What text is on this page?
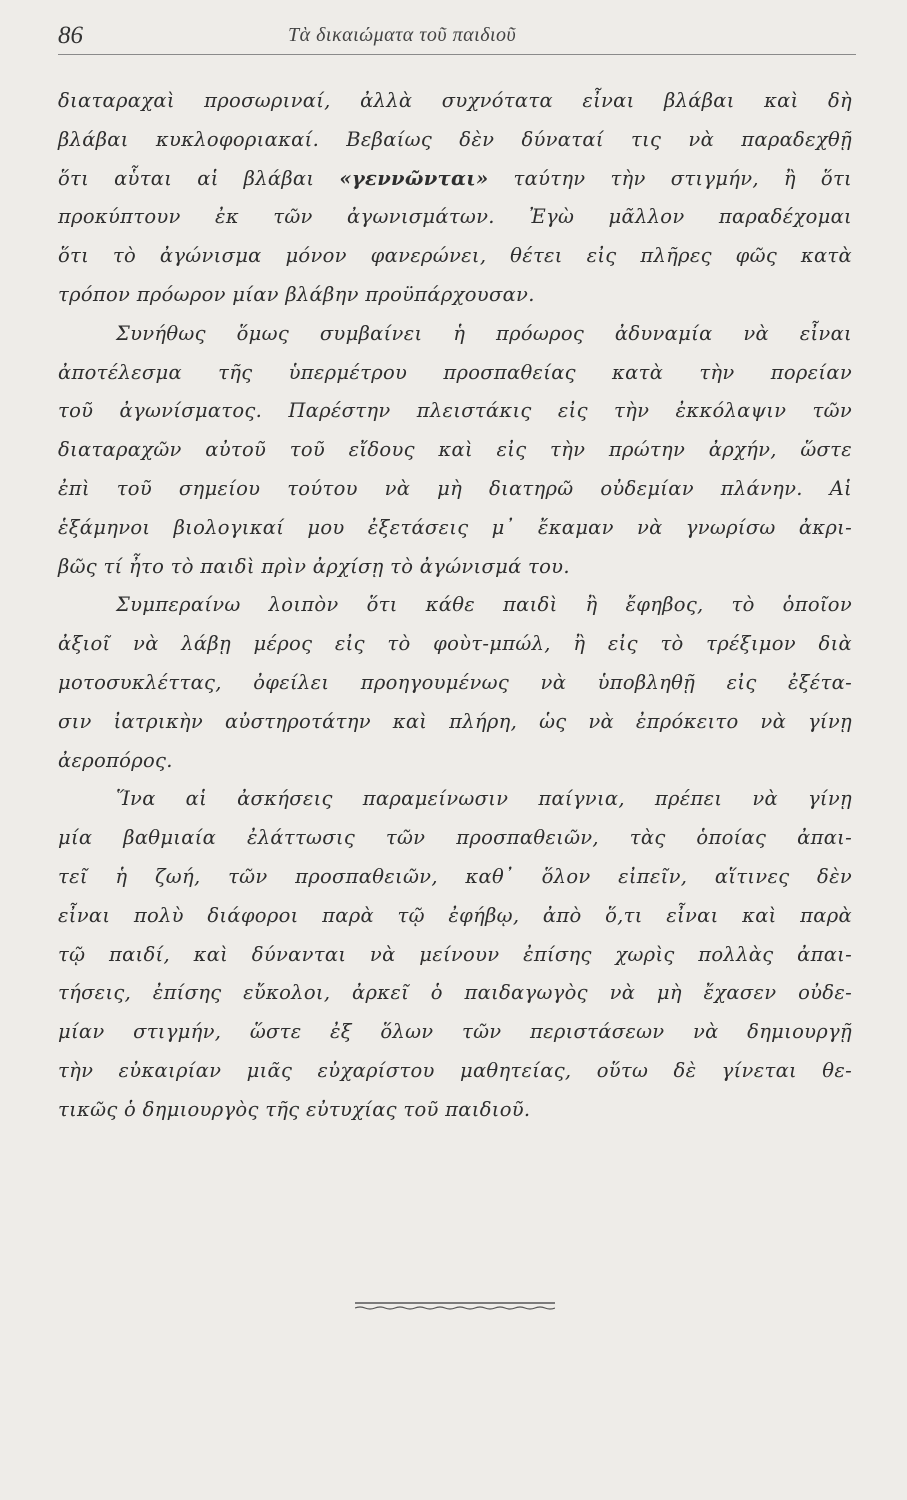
86	Τὰ δικαιώματα τοῦ παιδιοῦ
διαταραχαὶ προσωριναί, ἀλλὰ συχνότατα εἶναι βλάβαι καὶ δὴ
βλάβαι κυκλοφοριακαί. Βεβαίως δὲν δύναταί τις νὰ παραδεχθῇ
ὅτι αὗται αἱ βλάβαι «γεννῶνται» ταύτην τὴν στιγμήν, ἢ ὅτι
προκύπτουν ἐκ τῶν ἀγωνισμάτων. Ἐγὼ μᾶλλον παραδέχομαι
ὅτι τὸ ἀγώνισμα μόνον φανερώνει, θέτει εἰς πλῆρες φῶς κατὰ
τρόπον πρόωρον μίαν βλάβην προϋπάρχουσαν.
Συνήθως ὅμως συμβαίνει ἡ πρόωρος ἀδυναμία νὰ εἶναι
ἀποτέλεσμα τῆς ὑπερμέτρου προσπαθείας κατὰ τὴν πορείαν
τοῦ ἀγωνίσματος. Παρέστην πλειστάκις εἰς τὴν ἐκκόλαψιν τῶν
διαταραχῶν αὐτοῦ τοῦ εἴδους καὶ εἰς τὴν πρώτην ἀρχήν, ὥστε
ἐπὶ τοῦ σημείου τούτου νὰ μὴ διατηρῶ οὐδεμίαν πλάνην. Αἱ
ἑξάμηνοι βιολογικαί μου ἐξετάσεις μ᾽ ἔκαμαν νὰ γνωρίσω ἀκρι-
βῶς τί ἦτο τὸ παιδὶ πρὶν ἀρχίσῃ τὸ ἀγώνισμά του.
Συμπεραίνω λοιπὸν ὅτι κάθε παιδὶ ἢ ἔφηβος, τὸ ὁποῖον
ἀξιοῖ νὰ λάβῃ μέρος εἰς τὸ φοὺτ-μπώλ, ἢ εἰς τὸ τρέξιμον διὰ
μοτοσυκλέττας, ὀφείλει προηγουμένως νὰ ὑποβληθῇ εἰς ἐξέτα-
σιν ἰατρικὴν αὐστηροτάτην καὶ πλήρη, ὡς νὰ ἐπρόκειτο νὰ γίνῃ
ἀεροπόρος.
Ἵνα αἱ ἀσκήσεις παραμείνωσιν παίγνια, πρέπει νὰ γίνῃ
μία βαθμιαία ἐλάττωσις τῶν προσπαθειῶν, τὰς ὁποίας ἀπαι-
τεῖ ἡ ζωή, τῶν προσπαθειῶν, καθ᾽ ὅλον εἰπεῖν, αἵτινες δὲν
εἶναι πολὺ διάφοροι παρὰ τῷ ἐφήβῳ, ἀπὸ ὅ,τι εἶναι καὶ παρὰ
τῷ παιδί, καὶ δύνανται νὰ μείνουν ἐπίσης χωρὶς πολλὰς ἀπαι-
τήσεις, ἐπίσης εὔκολοι, ἀρκεῖ ὁ παιδαγωγὸς νὰ μὴ ἔχασεν οὐδε-
μίαν στιγμήν, ὥστε ἐξ ὅλων τῶν περιστάσεων νὰ δημιουργῇ
τὴν εὐκαιρίαν μιᾶς εὐχαρίστου μαθητείας, οὕτω δὲ γίνεται θε-
τικῶς ὁ δημιουργὸς τῆς εὐτυχίας τοῦ παιδιοῦ.
